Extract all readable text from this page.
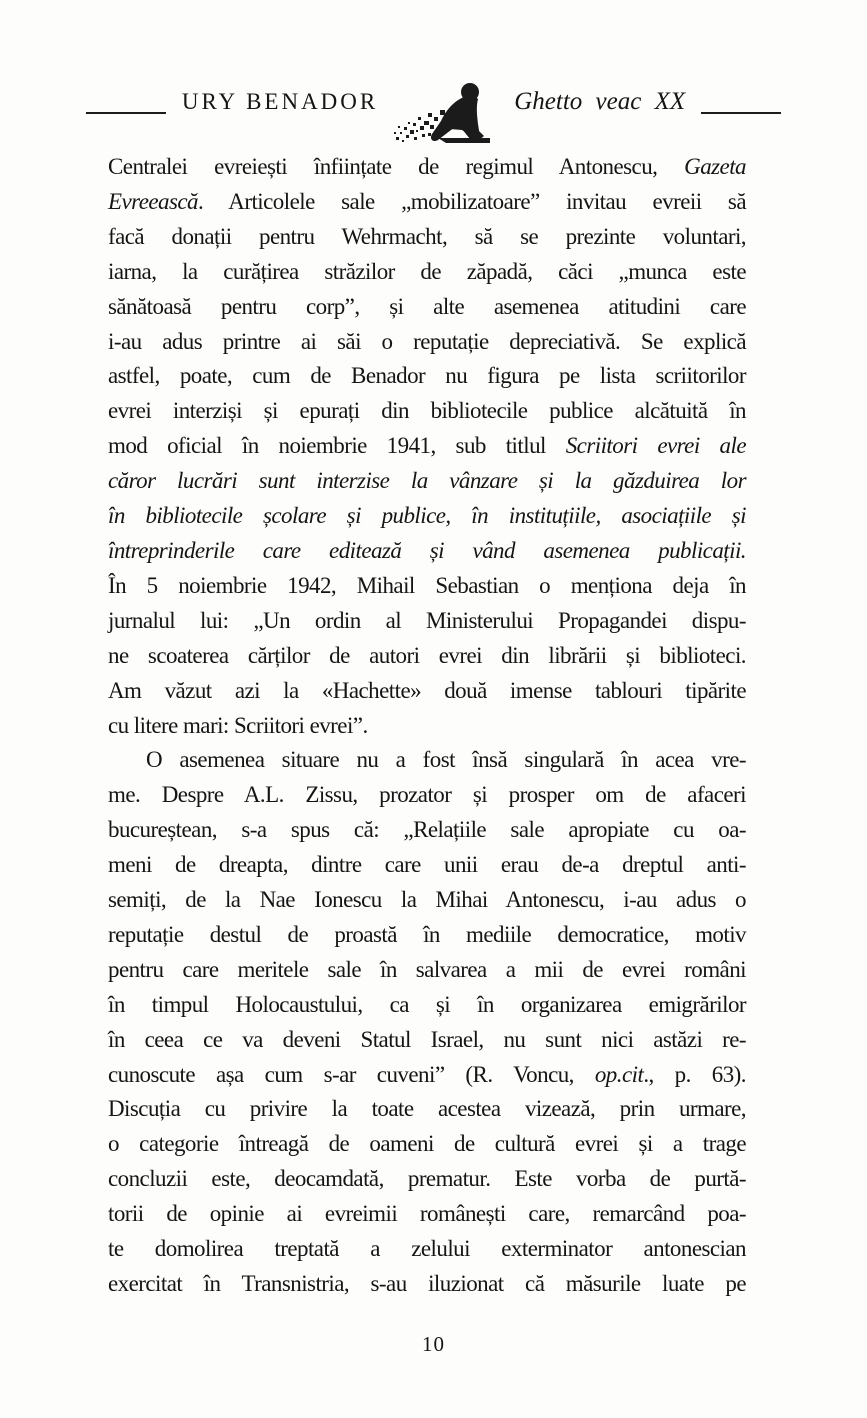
URY BENADOR	Ghetto veac XX
Centralei evreiești înființate de regimul Antonescu, Gazeta
Evreească. Articolele sale „mobilizatoare” invitau evreii să
facă donații pentru Wehrmacht, să se prezinte voluntari,
iarna, la curățirea străzilor de zăpadă, căci „munca este
sănătoasă pentru corp”, și alte asemenea atitudini care
i-au adus printre ai săi o reputație depreciativă. Se explică
astfel, poate, cum de Benador nu figura pe lista scriitorilor
evrei interziși și epurați din bibliotecile publice alcătuită în
mod oficial în noiembrie 1941, sub titlul Scriitori evrei ale
căror lucrări sunt interzise la vânzare și la găzduirea lor
în bibliotecile școlare și publice, în instituțiile, asociațiile și
întreprinderile care editează și vând asemenea publicații.
În 5 noiembrie 1942, Mihail Sebastian o menționa deja în
jurnalul lui: „Un ordin al Ministerului Propagandei dispu-
ne scoaterea cărților de autori evrei din librării și biblioteci.
Am văzut azi la «Hachette» două imense tablouri tipărite
cu litere mari: Scriitori evrei”.
O asemenea situare nu a fost însă singulară în acea vre-
me. Despre A.L. Zissu, prozator și prosper om de afaceri
bucureștean, s-a spus că: „Relațiile sale apropiate cu oa-
meni de dreapta, dintre care unii erau de-a dreptul anti-
semiți, de la Nae Ionescu la Mihai Antonescu, i-au adus o
reputație destul de proastă în mediile democratice, motiv
pentru care meritele sale în salvarea a mii de evrei români
în timpul Holocaustului, ca și în organizarea emigrărilor
în ceea ce va deveni Statul Israel, nu sunt nici astăzi re-
cunoscute așa cum s-ar cuveni” (R. Voncu, op.cit., p. 63).
Discuția cu privire la toate acestea vizează, prin urmare,
o categorie întreagă de oameni de cultură evrei și a trage
concluzii este, deocamdată, prematur. Este vorba de purtă-
torii de opinie ai evreimii românești care, remarcând poa-
te domolirea treptată a zelului exterminator antonescian
exercitat în Transnistria, s-au iluzionat că măsurile luate pe
10
